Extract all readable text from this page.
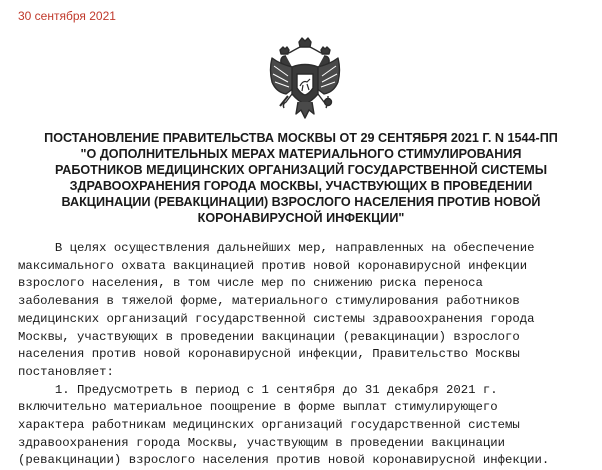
30 сентября 2021
ПОСТАНОВЛЕНИЕ ПРАВИТЕЛЬСТВА МОСКВЫ ОТ 29 СЕНТЯБРЯ 2021 Г. N 1544-ПП
"О ДОПОЛНИТЕЛЬНЫХ МЕРАХ МАТЕРИАЛЬНОГО СТИМУЛИРОВАНИЯ
РАБОТНИКОВ МЕДИЦИНСКИХ ОРГАНИЗАЦИЙ ГОСУДАРСТВЕННОЙ СИСТЕМЫ
ЗДРАВООХРАНЕНИЯ ГОРОДА МОСКВЫ, УЧАСТВУЮЩИХ В ПРОВЕДЕНИИ
ВАКЦИНАЦИИ (РЕВАКЦИНАЦИИ) ВЗРОСЛОГО НАСЕЛЕНИЯ ПРОТИВ НОВОЙ
КОРОНАВИРУСНОЙ ИНФЕКЦИИ"
В целях осуществления дальнейших мер, направленных на обеспечение
максимального охвата вакцинацией против новой коронавирусной инфекции
взрослого населения, в том числе мер по снижению риска переноса
заболевания в тяжелой форме, материального стимулирования работников
медицинских организаций государственной системы здравоохранения города
Москвы, участвующих в проведении вакцинации (ревакцинации) взрослого
населения против новой коронавирусной инфекции, Правительство Москвы
постановляет:
1. Предусмотреть в период с 1 сентября до 31 декабря 2021 г.
включительно материальное поощрение в форме выплат стимулирующего
характера работникам медицинских организаций государственной системы
здравоохранения города Москвы, участвующим в проведении вакцинации
(ревакцинации) взрослого населения против новой коронавирусной инфекции.
